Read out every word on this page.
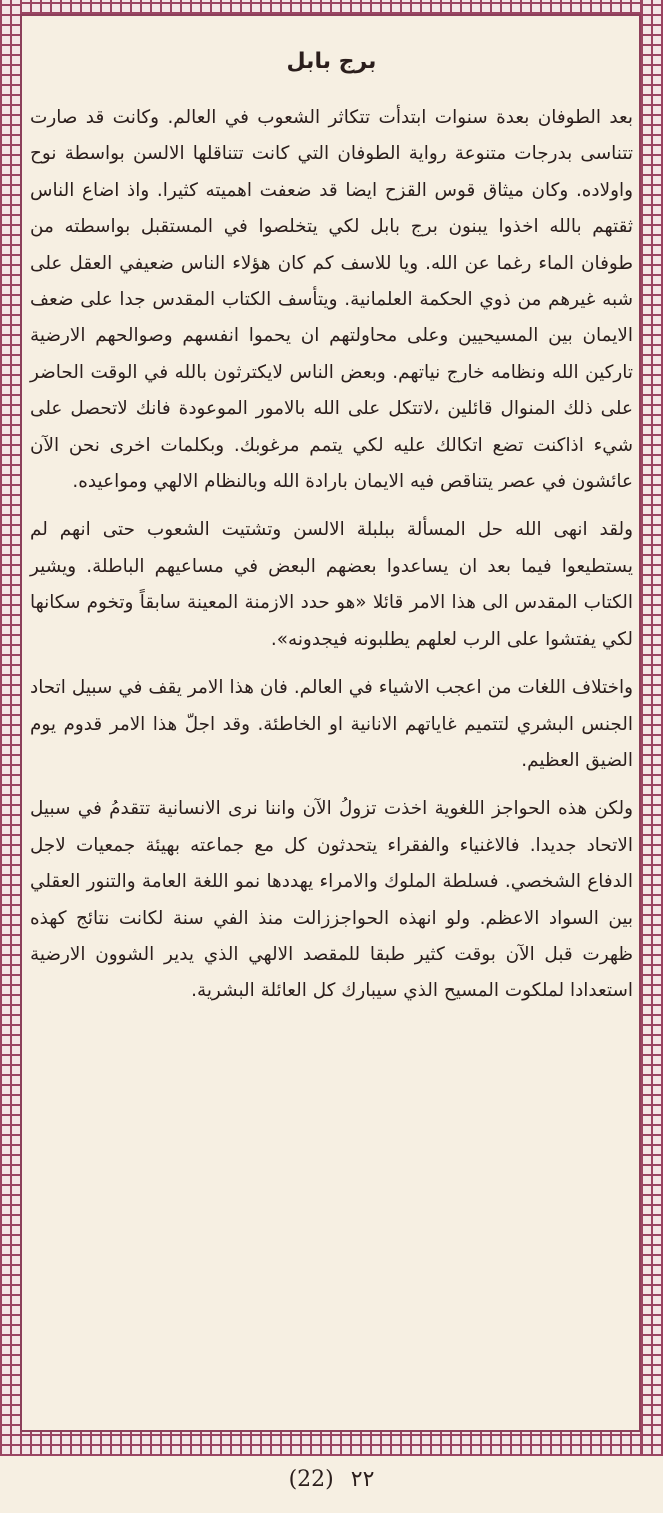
برج بابل

بعد الطوفان بعدة سنوات ابتدأت تتكاثر الشعوب في العالم. وكانت قد صارت تتناسى بدرجات متنوعة رواية الطوفان التي كانت تتناقلها الالسن بواسطة نوح واولاده. وكان ميثاق قوس القزح ايضا قد ضعفت اهميته كثيرا. واذ اضاع الناس ثقتهم بالله اخذوا يبنون برج بابل لكي يتخلصوا في المستقبل بواسطته من طوفان الماء رغما عن الله. ويا للاسف كم كان هؤلاء الناس ضعيفي العقل على شبه غيرهم من ذوي الحكمة العلمانية. ويتأسف الكتاب المقدس جدا على ضعف الايمان بين المسيحيين وعلى محاولتهم ان يحموا انفسهم وصوالحهم الارضية تاركين الله ونظامه خارج نياتهم. وبعض الناس لايكترثون بالله في الوقت الحاضر على ذلك المنوال قائلين ،لاتتكل على الله بالامور الموعودة فانك لاتحصل على شيء اذاكنت تضع اتكالك عليه لكي يتمم مرغوبك. وبكلمات اخرى نحن الآن عائشون في عصر يتناقص فيه الايمان بارادة الله وبالنظام الالهي ومواعيده.

ولقد انهى الله حل المسألة ببلبلة الالسن وتشتيت الشعوب حتى انهم لم يستطيعوا فيما بعد ان يساعدوا بعضهم البعض في مساعيهم الباطلة. ويشير الكتاب المقدس الى هذا الامر قائلا «هو حدد الازمنة المعينة سابقاً وتخوم سكانها لكي يفتشوا على الرب لعلهم يطلبونه فيجدونه».

واختلاف اللغات من اعجب الاشياء في العالم. فان هذا الامر يقف في سبيل اتحاد الجنس البشري لتتميم غاياتهم الانانية او الخاطئة. وقد اجلّ هذا الامر قدوم يوم الضيق العظيم.

ولكن هذه الحواجز اللغوية اخذت تزولُ الآن واننا نرى الانسانية تتقدمُ في سبيل الاتحاد جديدا. فالاغنياء والفقراء يتحدثون كل مع جماعته بهيئة جمعيات لاجل الدفاع الشخصي. فسلطة الملوك والامراء يهددها نمو اللغة العامة والتنور العقلي بين السواد الاعظم. ولو انهذه الحواجززالت منذ الفي سنة لكانت نتائج كهذه ظهرت قبل الآن بوقت كثير طبقا للمقصد الالهي الذي يدير الشوون الارضية استعدادا لملكوت المسيح الذي سيبارك كل العائلة البشرية.

(22) ٢٢
